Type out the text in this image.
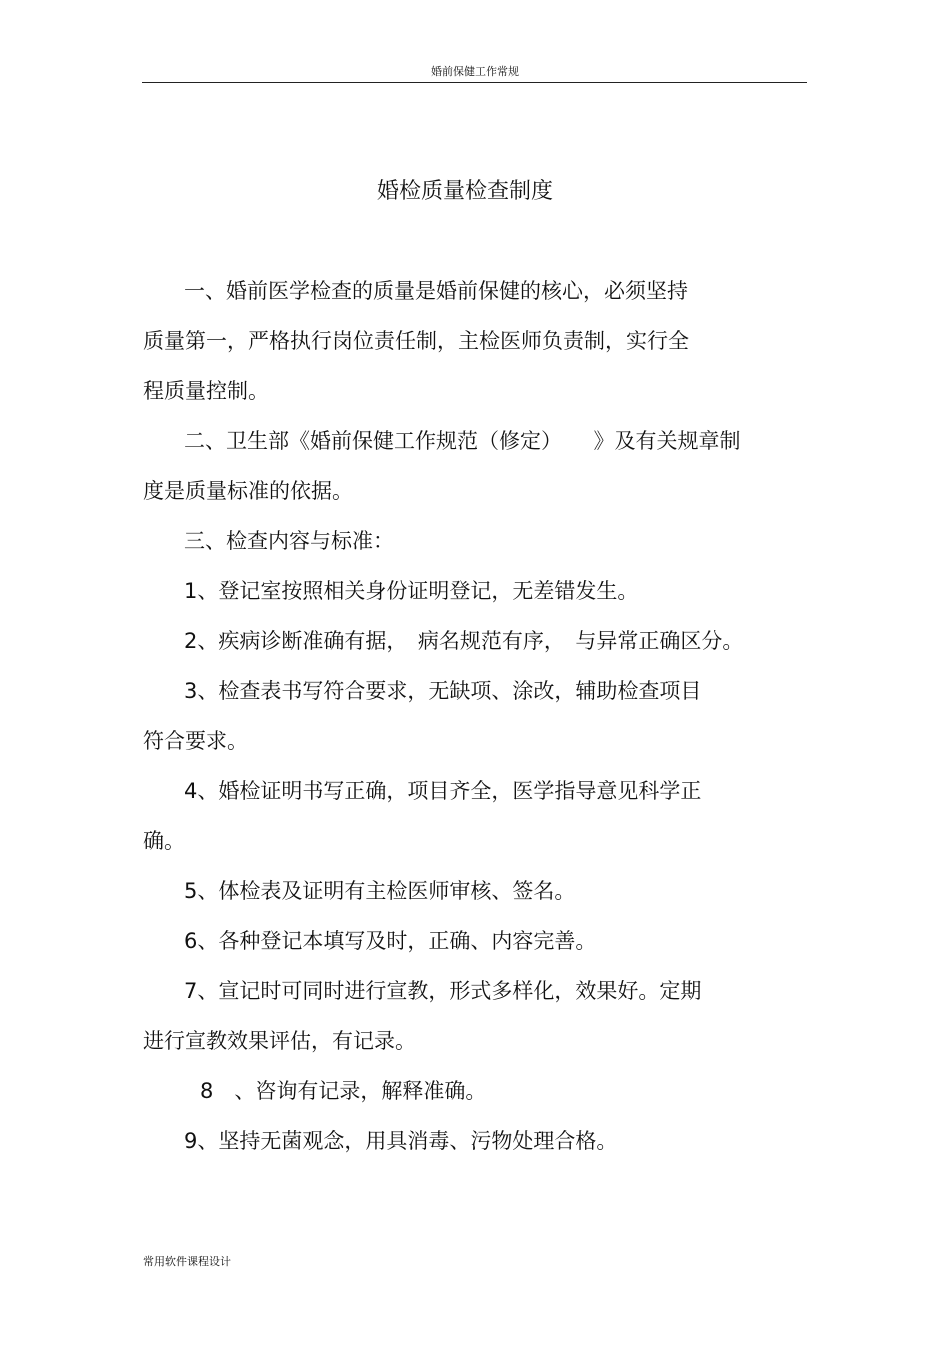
婚前保健工作常规
婚检质量检查制度
一、婚前医学检查的质量是婚前保健的核心，必须坚持
质量第一，严格执行岗位责任制，主检医师负责制，实行全
程质量控制。
二、卫生部《婚前保健工作规范（修定）　　》及有关规章制
度是质量标准的依据。
三、检查内容与标准：
1、登记室按照相关身份证明登记，无差错发生。
2、疾病诊断准确有据，　病名规范有序，　与异常正确区分。
3、检查表书写符合要求，无缺项、涂改，辅助检查项目
符合要求。
4、婚检证明书写正确，项目齐全，医学指导意见科学正
确。
5、体检表及证明有主检医师审核、签名。
6、各种登记本填写及时，正确、内容完善。
7、宣记时可同时进行宣教，形式多样化，效果好。定期
进行宣教效果评估，有记录。
8　、咨询有记录，解释准确。
9、坚持无菌观念，用具消毒、污物处理合格。
常用软件课程设计
